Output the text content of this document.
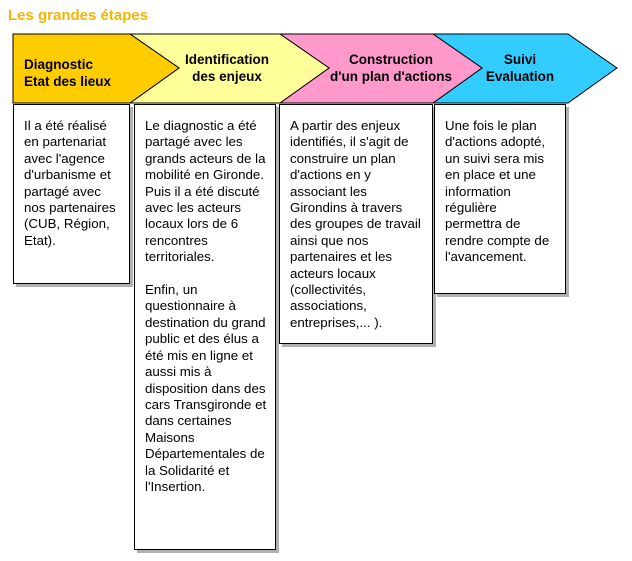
Les grandes étapes
Diagnostic
Etat des lieux
Identification
des enjeux
Construction
d'un plan d'actions
Suivi
Evaluation
Il a été réalisé en partenariat avec l'agence d'urbanisme et partagé avec nos partenaires (CUB, Région, Etat).
Le diagnostic a été partagé avec les grands acteurs de la mobilité en Gironde.
Puis il a été discuté avec les acteurs locaux lors de 6 rencontres territoriales.

Enfin, un questionnaire à destination du grand public et des élus a été mis en ligne et aussi mis à disposition dans des cars Transgironde et dans certaines Maisons Départementales de la Solidarité et l'Insertion.
A partir des enjeux identifiés, il s'agit de construire un plan d'actions en y associant les Girondins à travers des groupes de travail ainsi que nos partenaires et les acteurs locaux (collectivités, associations, entreprises,... ).
Une fois le plan d'actions adopté, un suivi sera mis en place et une information régulière permettra de rendre compte de l'avancement.
